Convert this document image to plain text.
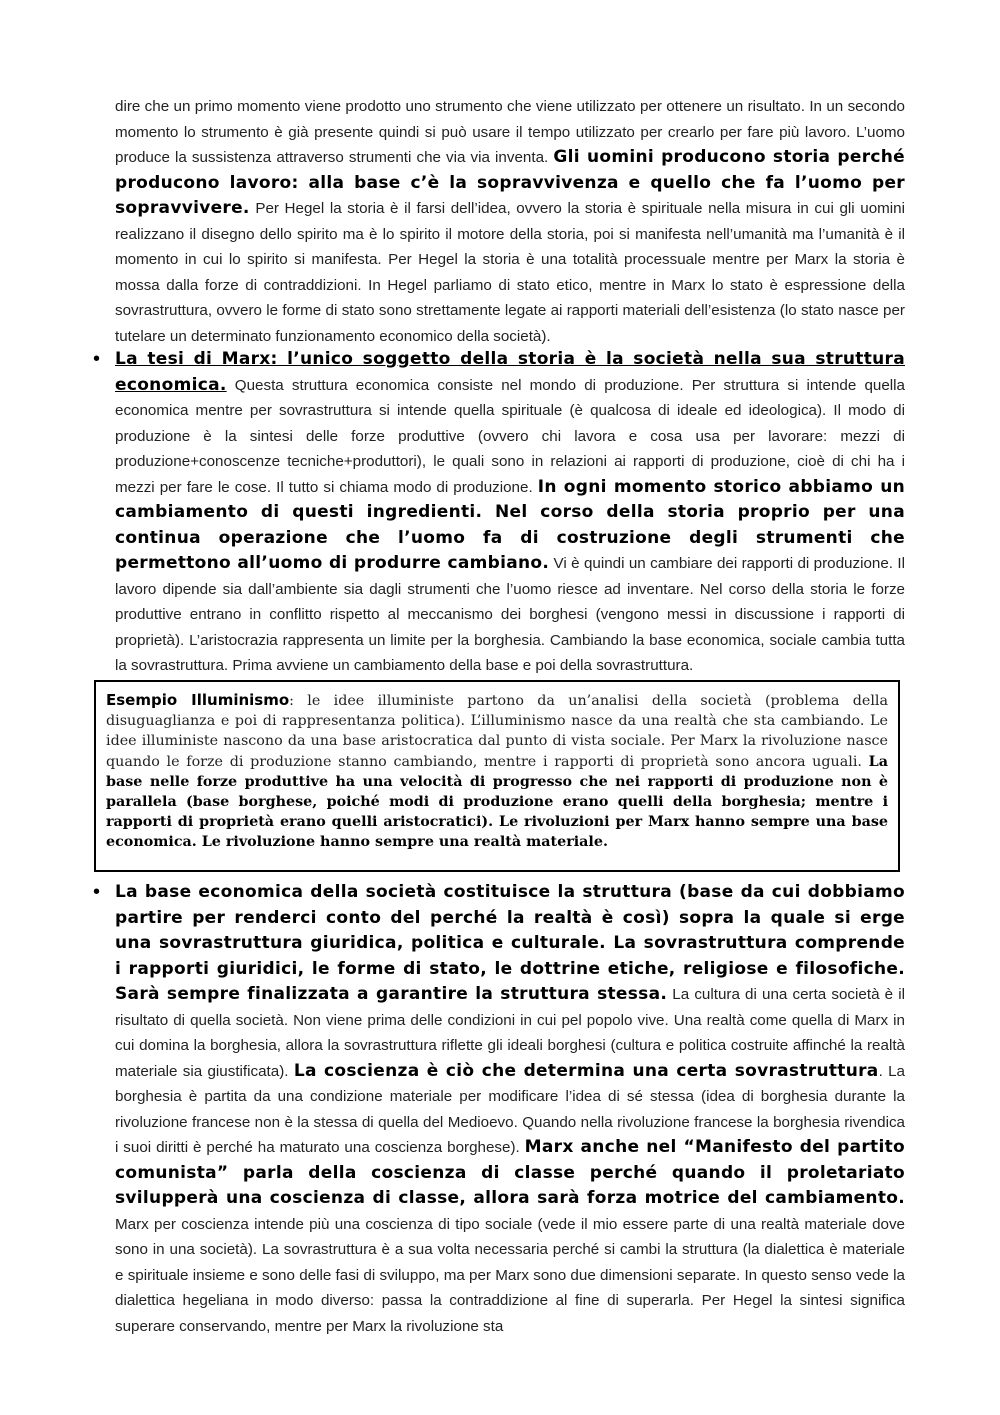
dire che un primo momento viene prodotto uno strumento che viene utilizzato per ottenere un risultato. In un secondo momento lo strumento è già presente quindi si può usare il tempo utilizzato per crearlo per fare più lavoro. L’uomo produce la sussistenza attraverso strumenti che via via inventa. Gli uomini producono storia perché producono lavoro: alla base c’è la sopravvivenza e quello che fa l’uomo per sopravvivere. Per Hegel la storia è il farsi dell’idea, ovvero la storia è spirituale nella misura in cui gli uomini realizzano il disegno dello spirito ma è lo spirito il motore della storia, poi si manifesta nell’umanità ma l’umanità è il momento in cui lo spirito si manifesta. Per Hegel la storia è una totalità processuale mentre per Marx la storia è mossa dalla forze di contraddizioni. In Hegel parliamo di stato etico, mentre in Marx lo stato è espressione della sovrastruttura, ovvero le forme di stato sono strettamente legate ai rapporti materiali dell’esistenza (lo stato nasce per tutelare un determinato funzionamento economico della società).
• La tesi di Marx: l’unico soggetto della storia è la società nella sua struttura economica. Questa struttura economica consiste nel mondo di produzione. Per struttura si intende quella economica mentre per sovrastruttura si intende quella spirituale (è qualcosa di ideale ed ideologica). Il modo di produzione è la sintesi delle forze produttive (ovvero chi lavora e cosa usa per lavorare: mezzi di produzione+conoscenze tecniche+produttori), le quali sono in relazioni ai rapporti di produzione, cioè di chi ha i mezzi per fare le cose. Il tutto si chiama modo di produzione. In ogni momento storico abbiamo un cambiamento di questi ingredienti. Nel corso della storia proprio per una continua operazione che l’uomo fa di costruzione degli strumenti che permettono all’uomo di produrre cambiano. Vi è quindi un cambiare dei rapporti di produzione. Il lavoro dipende sia dall’ambiente sia dagli strumenti che l’uomo riesce ad inventare. Nel corso della storia le forze produttive entrano in conflitto rispetto al meccanismo dei borghesi (vengono messi in discussione i rapporti di proprietà). L’aristocrazia rappresenta un limite per la borghesia. Cambiando la base economica, sociale cambia tutta la sovrastruttura. Prima avviene un cambiamento della base e poi della sovrastruttura.
Esempio Illuminismo: le idee illuministe partono da un’analisi della società (problema della disuguaglianza e poi di rappresentanza politica). L’illuminismo nasce da una realtà che sta cambiando. Le idee illuministe nascono da una base aristocratica dal punto di vista sociale. Per Marx la rivoluzione nasce quando le forze di produzione stanno cambiando, mentre i rapporti di proprietà sono ancora uguali. La base nelle forze produttive ha una velocità di progresso che nei rapporti di produzione non è parallela (base borghese, poiché modi di produzione erano quelli della borghesia; mentre i rapporti di proprietà erano quelli aristocratici). Le rivoluzioni per Marx hanno sempre una base economica. Le rivoluzione hanno sempre una realtà materiale.
• La base economica della società costituisce la struttura (base da cui dobbiamo partire per renderci conto del perché la realtà è così) sopra la quale si erge una sovrastruttura giuridica, politica e culturale. La sovrastruttura comprende i rapporti giuridici, le forme di stato, le dottrine etiche, religiose e filosofiche. Sarà sempre finalizzata a garantire la struttura stessa. La cultura di una certa società è il risultato di quella società. Non viene prima delle condizioni in cui pel popolo vive. Una realtà come quella di Marx in cui domina la borghesia, allora la sovrastruttura riflette gli ideali borghesi (cultura e politica costruite affinché la realtà materiale sia giustificata). La coscienza è ciò che determina una certa sovrastruttura. La borghesia è partita da una condizione materiale per modificare l’idea di sé stessa (idea di borghesia durante la rivoluzione francese non è la stessa di quella del Medioevo. Quando nella rivoluzione francese la borghesia rivendica i suoi diritti è perché ha maturato una coscienza borghese). Marx anche nel “Manifesto del partito comunista” parla della coscienza di classe perché quando il proletariato svilupperà una coscienza di classe, allora sarà forza motrice del cambiamento. Marx per coscienza intende più una coscienza di tipo sociale (vede il mio essere parte di una realtà materiale dove sono in una società). La sovrastruttura è a sua volta necessaria perché si cambi la struttura (la dialettica è materiale e spirituale insieme e sono delle fasi di sviluppo, ma per Marx sono due dimensioni separate. In questo senso vede la dialettica hegeliana in modo diverso: passa la contraddizione al fine di superarla. Per Hegel la sintesi significa superare conservando, mentre per Marx la rivoluzione sta
